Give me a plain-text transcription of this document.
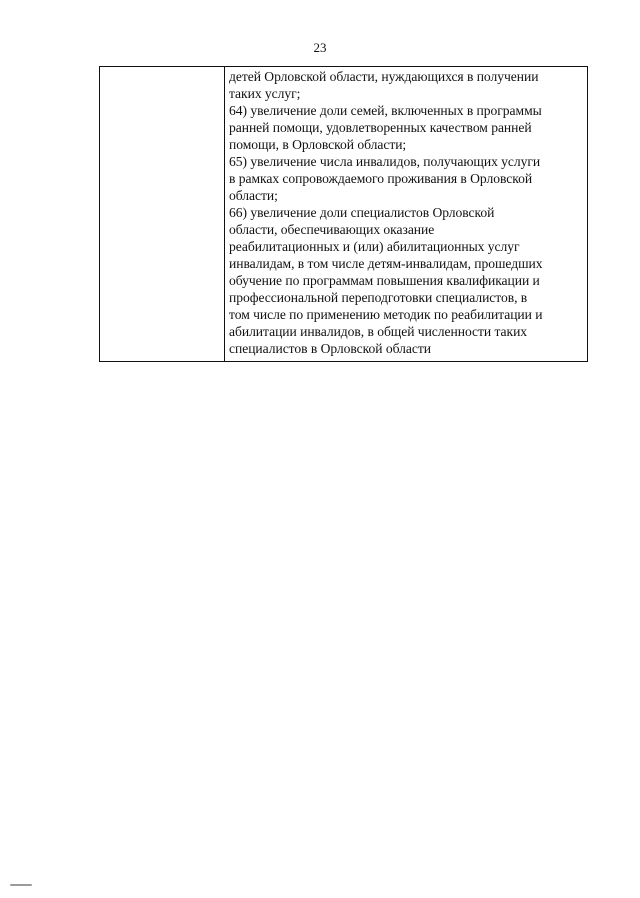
23
детей Орловской области, нуждающихся в получении
таких услуг;
64) увеличение доли семей, включенных в программы
ранней помощи, удовлетворенных качеством ранней
помощи, в Орловской области;
65) увеличение числа инвалидов, получающих услуги
в рамках сопровождаемого проживания в Орловской
области;
66) увеличение доли специалистов Орловской
области, обеспечивающих оказание
реабилитационных и (или) абилитационных услуг
инвалидам, в том числе детям-инвалидам, прошедших
обучение по программам повышения квалификации и
профессиональной переподготовки специалистов, в
том числе по применению методик по реабилитации и
абилитации инвалидов, в общей численности таких
специалистов в Орловской области
